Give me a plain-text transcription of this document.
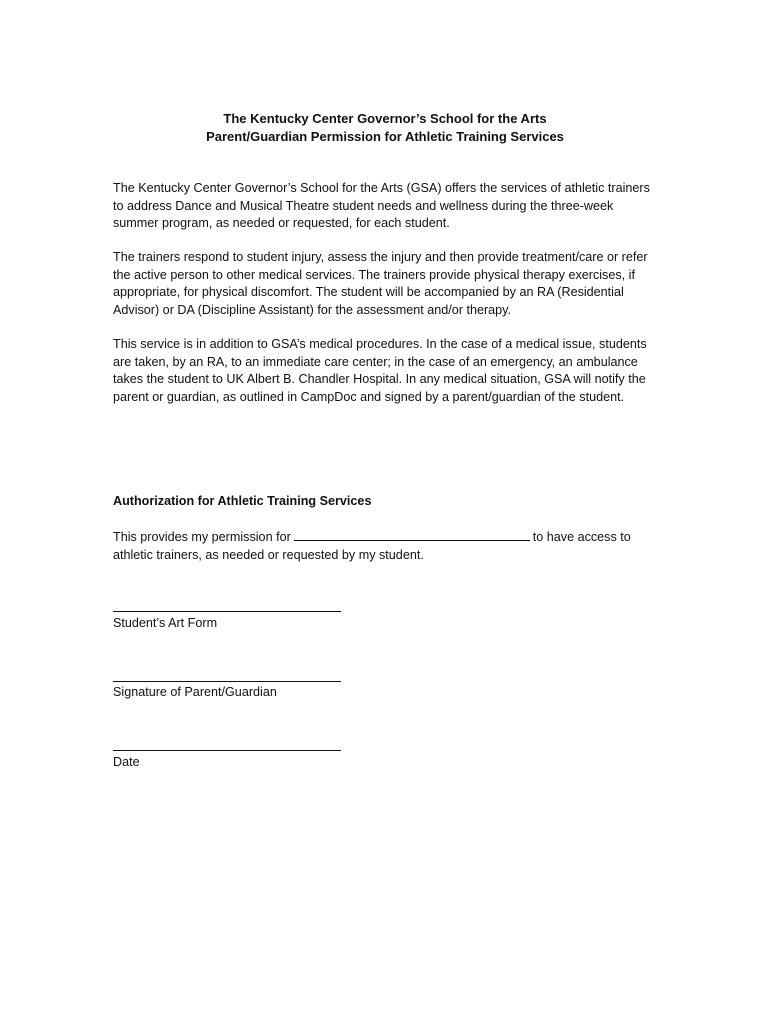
The Kentucky Center Governor’s School for the Arts
Parent/Guardian Permission for Athletic Training Services

The Kentucky Center Governor’s School for the Arts (GSA) offers the services of athletic trainers to address Dance and Musical Theatre student needs and wellness during the three-week summer program, as needed or requested, for each student.

The trainers respond to student injury, assess the injury and then provide treatment/care or refer the active person to other medical services. The trainers provide physical therapy exercises, if appropriate, for physical discomfort. The student will be accompanied by an RA (Residential Advisor) or DA (Discipline Assistant) for the assessment and/or therapy.

This service is in addition to GSA’s medical procedures. In the case of a medical issue, students are taken, by an RA, to an immediate care center; in the case of an emergency, an ambulance takes the student to UK Albert B. Chandler Hospital. In any medical situation, GSA will notify the parent or guardian, as outlined in CampDoc and signed by a parent/guardian of the student.

Authorization for Athletic Training Services
This provides my permission for	to have access to athletic trainers, as needed or requested by my student.
Student’s Art Form
Signature of Parent/Guardian
Date
